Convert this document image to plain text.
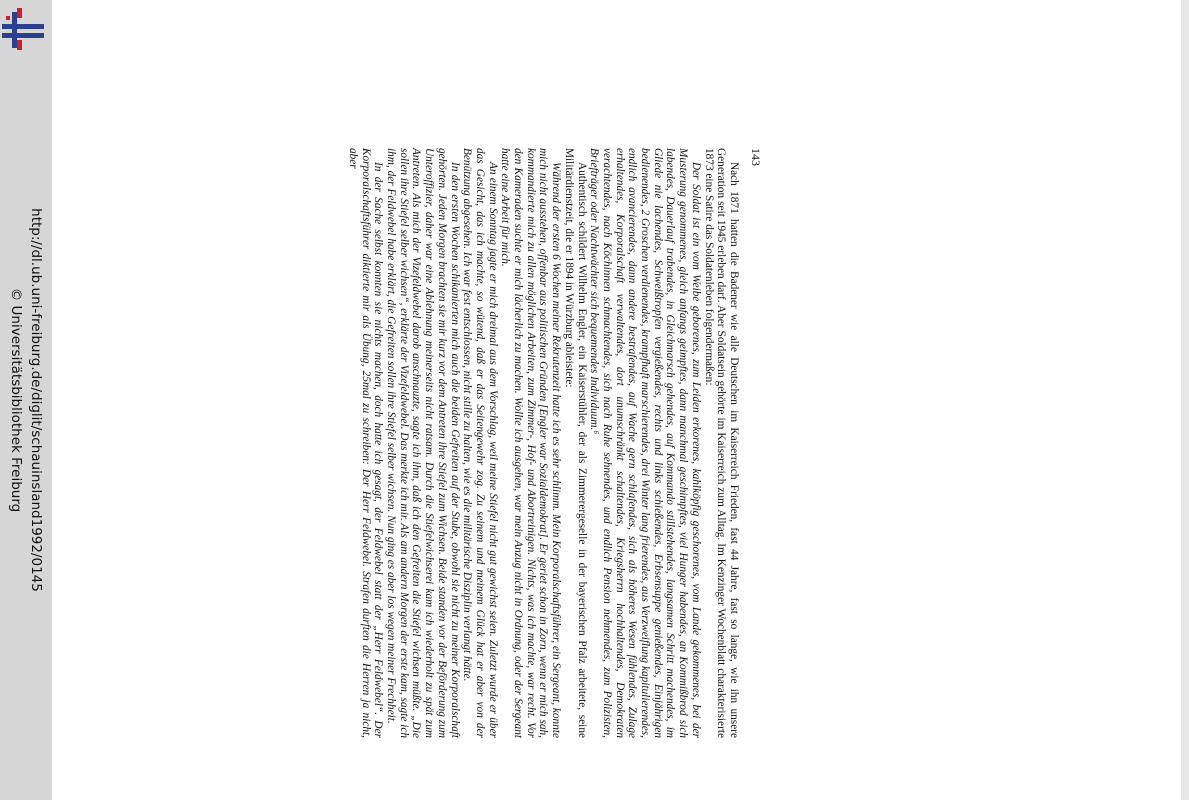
http://dl.ub.uni-freiburg.de/diglit/schauinsland1992/0145
© Universitätsbibliothek Freiburg
143

Nach 1871 hatten die Badener wie alle Deutschen im Kaiserreich Frieden, fast 44 Jahre, fast so lange, wie ihn unsere Generation seit 1945 erleben darf. Aber Soldatsein gehörte im Kaiserreich zum Alltag. Im Kenzinger Wochenblatt charakterisierte 1873 eine Satire das Soldatenleben folgendermaßen:

Der Soldat ist ein vom Weibe geborenes, zum Leiden erkorenes, kahlköpfig geschorenes, vom Lande gekommenes, bei der Musterung genommenes, gleich anfangs geimpftes, dann manchmal geschimpftes, viel Hunger habendes, an Kommißbrod sich labendes, Dauerlauf trabendes, in Gleichmarsch gehendes, auf Kommando stillstehendes, langsamen Schritt machendes, im Gliede nie lachendes, Schweißtropfen vergießendes, rechts und links schießendes, Erbsensuppe genießendes, Einjährigen bedienendes, 2 Groschen verdienendes, krampfhaft marschierendes, drei Winter lang frierendes, aus Verzweiflung kapitulierendes, endlich avancierendes, dann andere bestrafendes, auf Wache gern schlafendes, sich als höheres Wesen fühlendes, Zulage erhaltendes, Korporalschaft verwaltendes, dort unumschränkt schaltendes, Kriegsherrn hochhaltendes, Demokraten verachtendes, nach Köchinnen schmachtendes, sich nach Ruhe sehnendes, und endlich Pension nehmendes, zum Polizisten, Briefträger oder Nachtwächter sich bequemendes Individuum.⁶

Authentisch schildert Wilhelm Engler, ein Kaiserstühler, der als Zimmerergeselle in der bayerischen Pfalz arbeitete, seine Militärdienstzeit, die er 1894 in Würzburg ableistete:

Während der ersten 6 Wochen meiner Rekrutenzeit hatte ich es sehr schlimm. Mein Korporalschaftsführer, ein Sergeant, konnte mich nicht ausstehen, offenbar aus politischen Gründen [Engler war Sozialdemokrat]. Er geriet schon in Zorn, wenn er mich sah, kommandierte mich zu allen möglichen Arbeiten, zum Zimmer-, Hof- und Abortreinigen. Nichts, was ich machte, war recht. Vor den Kameraden suchte er mich lächerlich zu machen. Wollte ich ausgehen, war mein Anzug nicht in Ordnung, oder der Sergeant hatte eine Arbeit für mich.

An einem Sonntag jagte er mich dreimal aus dem Vorschlag, weil meine Stiefel nicht gut gewichst seien. Zuletzt wurde er über das Gesicht, das ich machte, so wütend, daß er das Seitengewehr zog. Zu seinem und meinem Glück hat er aber von der Benützung abgesehen. Ich war fest entschlossen, nicht stille zu halten, wie es die militärische Disziplin verlangt hätte.

In den ersten Wochen schikanierten mich auch die beiden Gefreiten auf der Stube, obwohl sie nicht zu meiner Korporalschaft gehörten. Jeden Morgen brachten sie mir kurz vor dem Antreten ihre Stiefel zum Wichsen. Beide standen vor der Beförderung zum Unteroffizier, daher war eine Ablehnung meinerseits nicht ratsam. Durch die Stiefelwichserei kam ich wiederholt zu spät zum Antreten. Als mich der Vizefeldwebel darob anschnauzte, sagte ich ihm, daß ich den Gefreiten die Stiefel wichsen müßte. „Die sollen ihre Stiefel selber wichsen“, erklärte der Vizefeldwebel. Das merkte ich mir. Als am andern Morgen der erste kam, sagte ich ihm, der Feldwebel habe erklärt, die Gefreiten sollen ihre Stiefel selber wichsen. Nun ging es aber los wegen meiner Frechheit.

In der Sache selbst konnten sie nichts machen, doch hatte ich gesagt, der Feldwebel statt der „Herr Feldwebel“. Der Korporalschaftsführer diktierte mir als Übung, 25mal zu schreiben: Der Herr Feldwebel. Strafen durften die Herren ja nicht, aber
